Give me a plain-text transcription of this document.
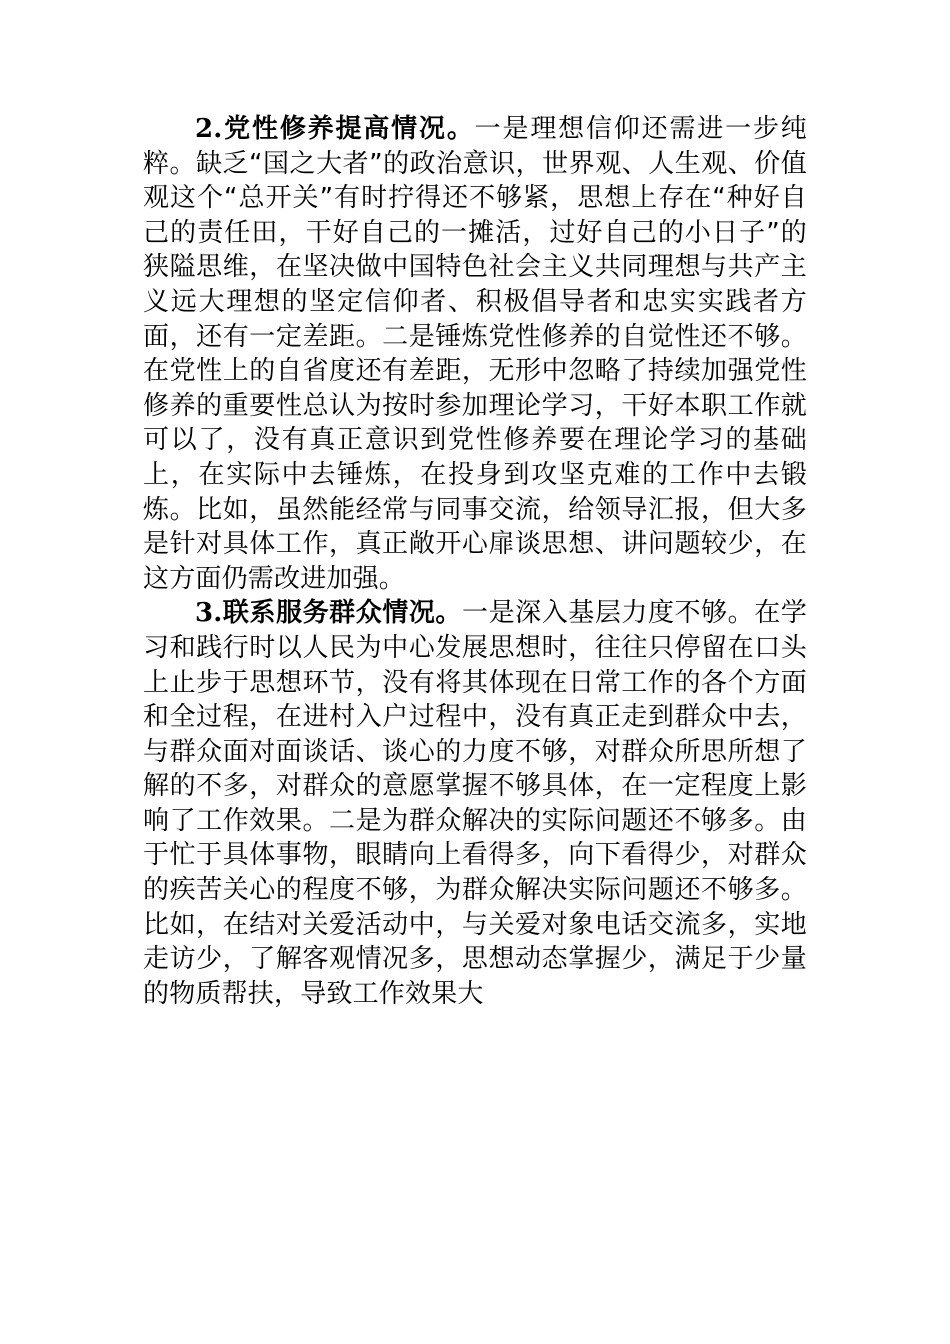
2.党性修养提高情况。一是理想信仰还需进一步纯粹。缺乏“国之大者”的政治意识，世界观、人生观、价值观这个“总开关”有时拧得还不够紧，思想上存在“种好自己的责任田，干好自己的一摊活，过好自己的小日子”的狭隘思维，在坚决做中国特色社会主义共同理想与共产主义远大理想的坚定信仰者、积极倡导者和忠实实践者方面，还有一定差距。二是锤炼党性修养的自觉性还不够。在党性上的自省度还有差距，无形中忽略了持续加强党性修养的重要性总认为按时参加理论学习，干好本职工作就可以了，没有真正意识到党性修养要在理论学习的基础上，在实际中去锤炼，在投身到攻坚克难的工作中去锻炼。比如，虽然能经常与同事交流，给领导汇报，但大多是针对具体工作，真正敞开心扉谈思想、讲问题较少，在这方面仍需改进加强。

3.联系服务群众情况。一是深入基层力度不够。在学习和践行时以人民为中心发展思想时，往往只停留在口头上止步于思想环节，没有将其体现在日常工作的各个方面和全过程，在进村入户过程中，没有真正走到群众中去，与群众面对面谈话、谈心的力度不够，对群众所思所想了解的不多，对群众的意愿掌握不够具体，在一定程度上影响了工作效果。二是为群众解决的实际问题还不够多。由于忙于具体事物，眼睛向上看得多，向下看得少，对群众的疾苦关心的程度不够，为群众解决实际问题还不够多。比如，在结对关爱活动中，与关爱对象电话交流多，实地走访少，了解客观情况多，思想动态掌握少，满足于少量的物质帮扶，导致工作效果大
